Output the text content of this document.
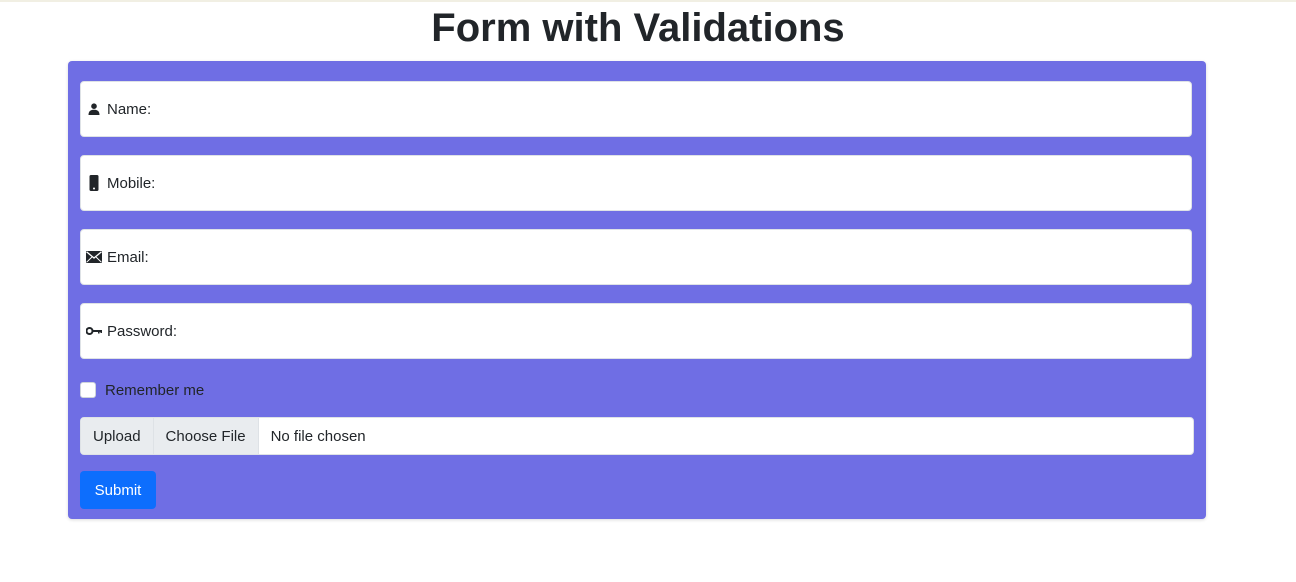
Form with Validations
Name:
Mobile:
Email:
Password:
Remember me
Upload	Choose File	No file chosen
Submit
